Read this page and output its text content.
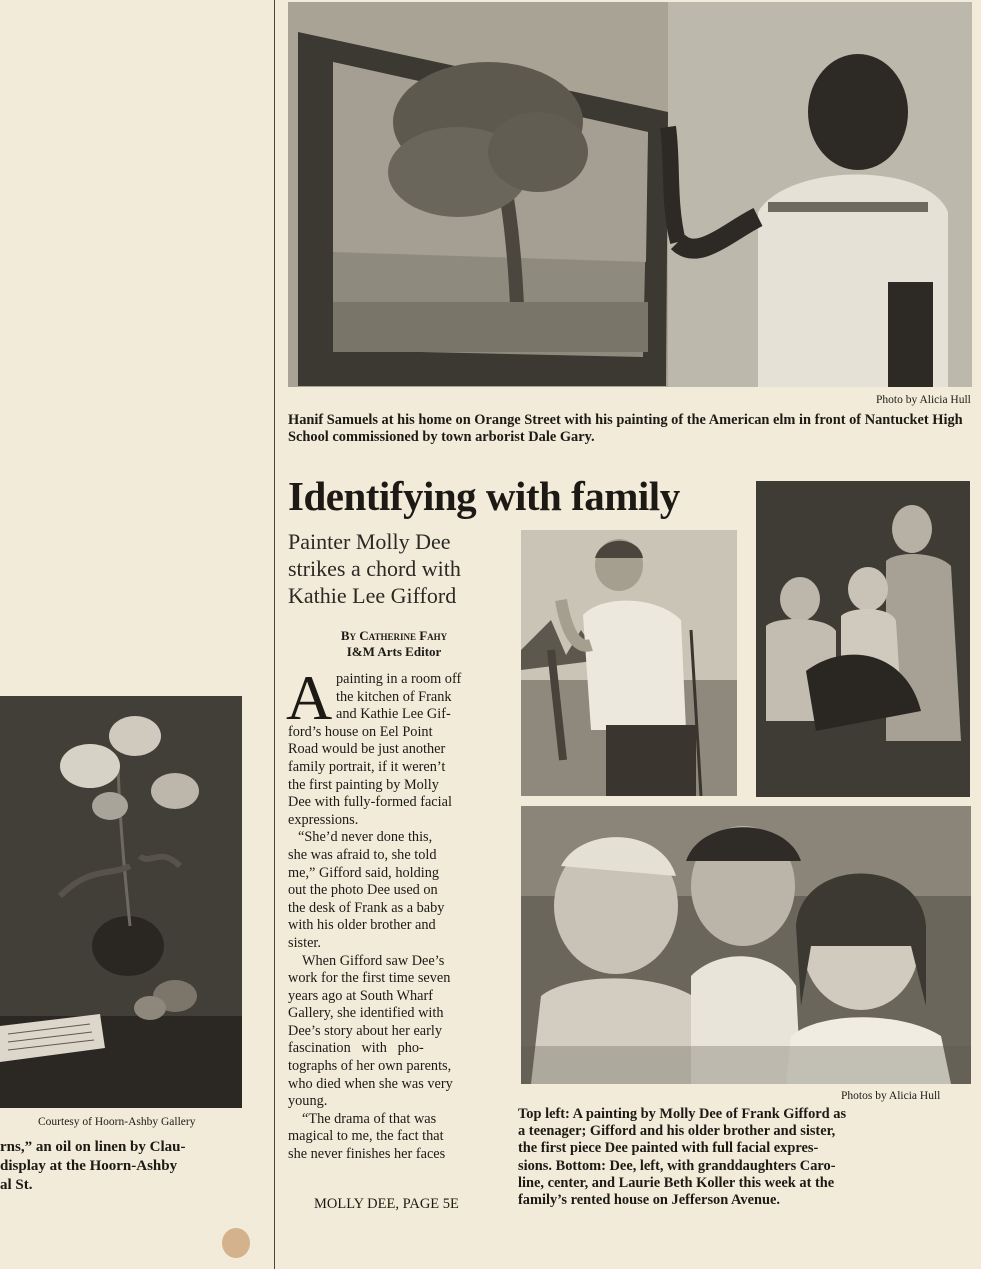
Courtesy of Hoorn-Ashby Gallery
rns,” an oil on linen by Clau-
display at the Hoorn-Ashby
al St.
Photo by Alicia Hull
Hanif Samuels at his home on Orange Street with his painting of the American elm in front of Nantucket High School commissioned by town arborist Dale Gary.
Identifying with family
Painter Molly Dee
strikes a chord with
Kathie Lee Gifford
By Catherine Fahy
I&M Arts Editor
A painting in a room off
the kitchen of Frank
and Kathie Lee Gif-
ford’s house on Eel Point
Road would be just another
family portrait, if it weren’t
the first painting by Molly
Dee with fully-formed facial
expressions.
“She’d never done this,
she was afraid to, she told
me,” Gifford said, holding
out the photo Dee used on
the desk of Frank as a baby
with his older brother and
sister.
When Gifford saw Dee’s
work for the first time seven
years ago at South Wharf
Gallery, she identified with
Dee’s story about her early
fascination   with   pho-
tographs of her own parents,
who died when she was very
young.
“The drama of that was
magical to me, the fact that
she never finishes her faces
MOLLY DEE, PAGE 5E
Photos by Alicia Hull
Top left: A painting by Molly Dee of Frank Gifford as
a teenager; Gifford and his older brother and sister,
the first piece Dee painted with full facial expres-
sions. Bottom: Dee, left, with granddaughters Caro-
line, center, and Laurie Beth Koller this week at the
family’s rented house on Jefferson Avenue.
